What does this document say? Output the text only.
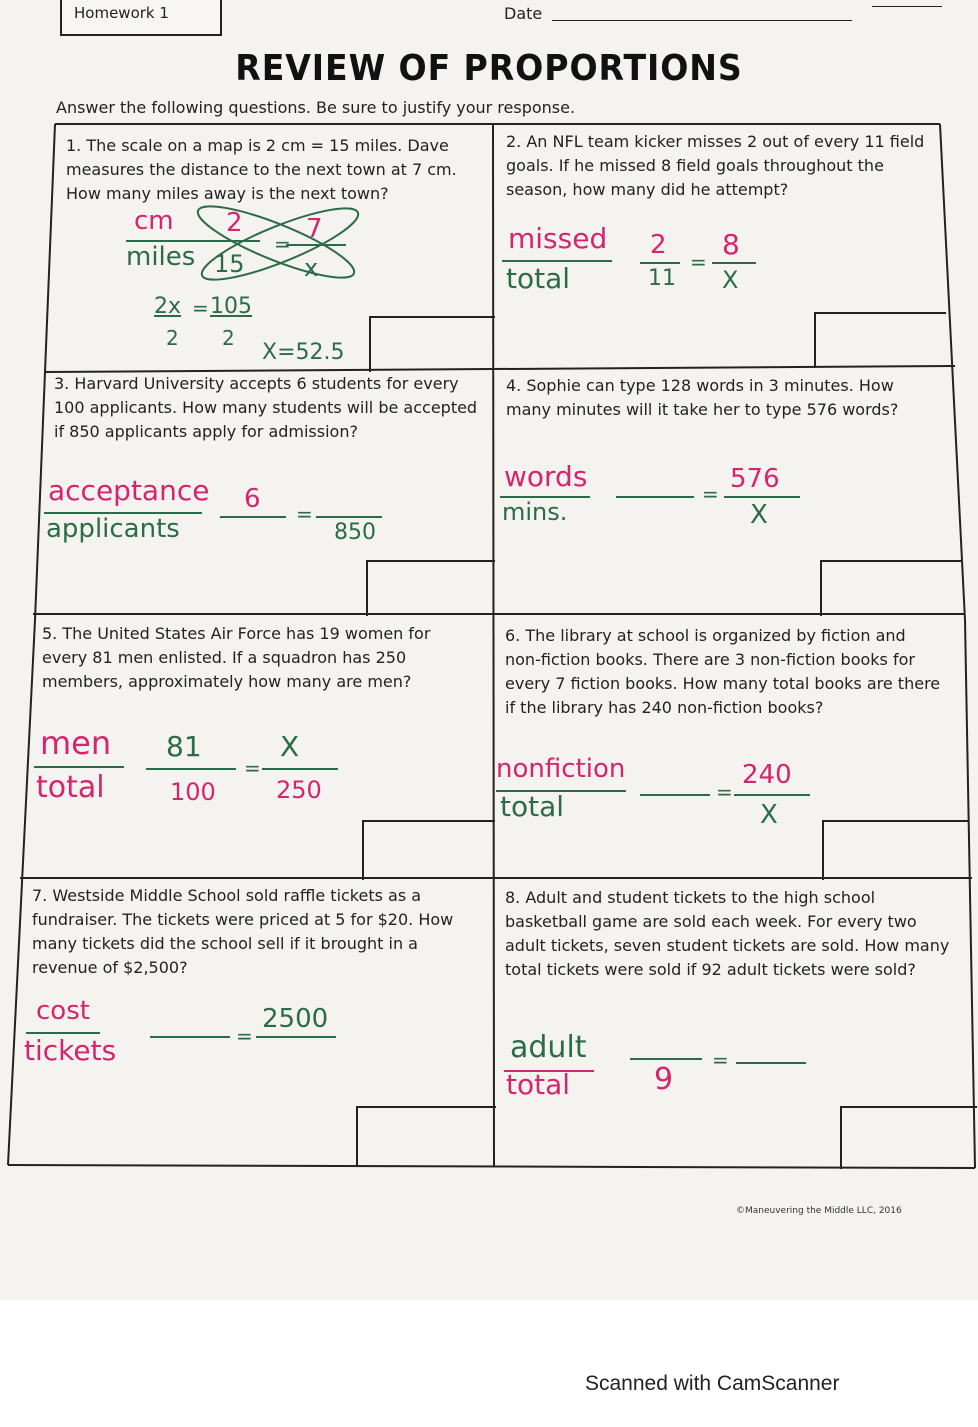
Homework 1	Date
REVIEW OF PROPORTIONS
Answer the following questions. Be sure to justify your response.
1. The scale on a map is 2 cm = 15 miles. Dave measures the distance to the next town at 7 cm. How many miles away is the next town?
2. An NFL team kicker misses 2 out of every 11 field goals. If he missed 8 field goals throughout the season, how many did he attempt?
3. Harvard University accepts 6 students for every 100 applicants. How many students will be accepted if 850 applicants apply for admission?
4. Sophie can type 128 words in 3 minutes. How many minutes will it take her to type 576 words?
5. The United States Air Force has 19 women for every 81 men enlisted. If a squadron has 250 members, approximately how many are men?
6. The library at school is organized by fiction and non-fiction books. There are 3 non-fiction books for every 7 fiction books. How many total books are there if the library has 240 non-fiction books?
7. Westside Middle School sold raffle tickets as a fundraiser. The tickets were priced at 5 for $20. How many tickets did the school sell if it brought in a revenue of $2,500?
8. Adult and student tickets to the high school basketball game are sold each week. For every two adult tickets, seven student tickets are sold. How many total tickets were sold if 92 adult tickets were sold?
cm
miles
2
15
7
x
=
2x = 105
2 2
X=52.5
missed
total
2
11
=
8
X
acceptance
applicants
6 =
850
words
mins.
= 576
X
men
total
81
100
=
X
250
nonfiction
total	=
240
X
cost
tickets	=
2500
adult
total	9
=
©Maneuvering the Middle LLC, 2016
Scanned with CamScanner
